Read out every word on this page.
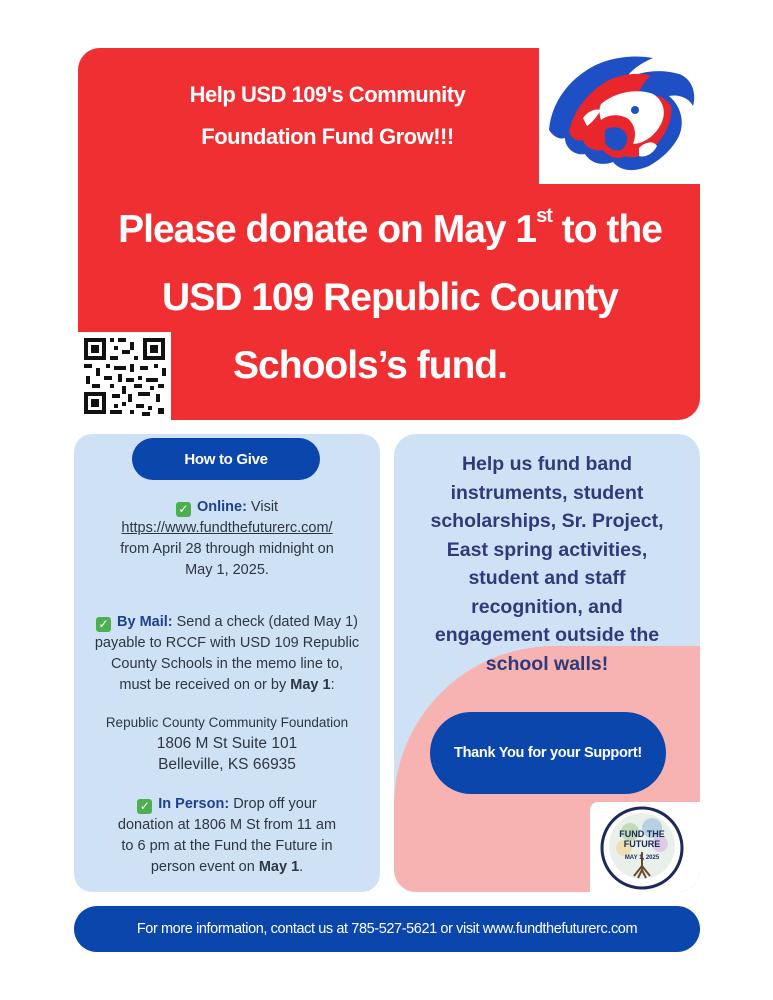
Help USD 109's Community
Foundation Fund Grow!!!
Please donate on May 1st to the
USD 109 Republic County
Schools’s fund.
How to Give
✓ Online: Visit
https://www.fundthefuturerc.com/
from April 28 through midnight on
May 1, 2025.
✓ By Mail: Send a check (dated May 1)
payable to RCCF with USD 109 Republic
County Schools in the memo line to,
must be received on or by May 1:
Republic County Community Foundation
1806 M St Suite 101
Belleville, KS 66935
✓ In Person: Drop off your
donation at 1806 M St from 11 am
to 6 pm at the Fund the Future in
person event on May 1.
Help us fund band
instruments, student
scholarships, Sr. Project,
East spring activities,
student and staff
recognition, and
engagement outside the
school walls!
Thank You for your Support!
FUND THE
FUTURE
MAY 1, 2025
For more information, contact us at 785-527-5621 or visit www.fundthefuturerc.com
